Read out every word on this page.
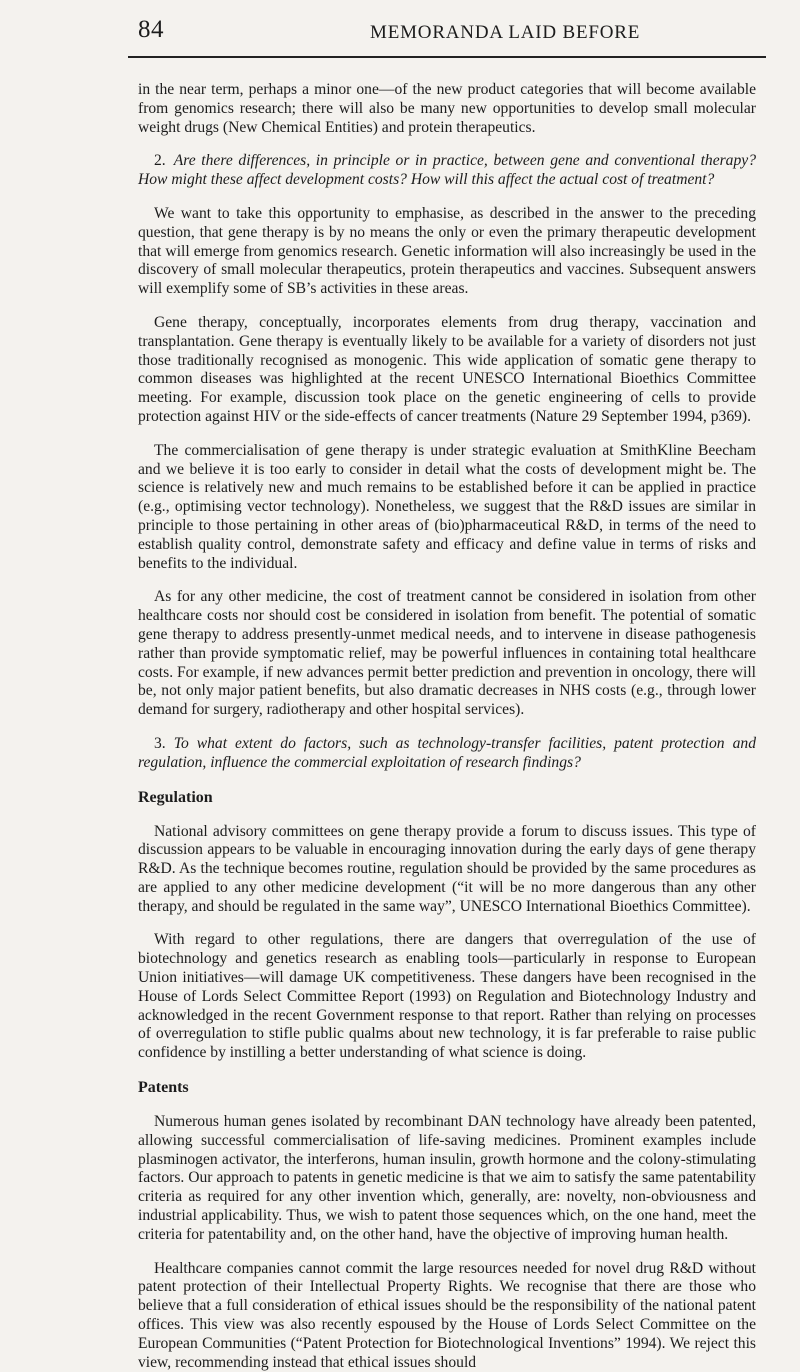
84	MEMORANDA LAID BEFORE

in the near term, perhaps a minor one—of the new product categories that will become available from genomics research; there will also be many new opportunities to develop small molecular weight drugs (New Chemical Entities) and protein therapeutics.

2. Are there differences, in principle or in practice, between gene and conventional therapy? How might these affect development costs? How will this affect the actual cost of treatment?

We want to take this opportunity to emphasise, as described in the answer to the preceding question, that gene therapy is by no means the only or even the primary therapeutic development that will emerge from genomics research. Genetic information will also increasingly be used in the discovery of small molecular therapeutics, protein therapeutics and vaccines. Subsequent answers will exemplify some of SB’s activities in these areas.

Gene therapy, conceptually, incorporates elements from drug therapy, vaccination and transplantation. Gene therapy is eventually likely to be available for a variety of disorders not just those traditionally recognised as monogenic. This wide application of somatic gene therapy to common diseases was highlighted at the recent UNESCO International Bioethics Committee meeting. For example, discussion took place on the genetic engineering of cells to provide protection against HIV or the side-effects of cancer treatments (Nature 29 September 1994, p369).

The commercialisation of gene therapy is under strategic evaluation at SmithKline Beecham and we believe it is too early to consider in detail what the costs of development might be. The science is relatively new and much remains to be established before it can be applied in practice (e.g., optimising vector technology). Nonetheless, we suggest that the R&D issues are similar in principle to those pertaining in other areas of (bio)pharmaceutical R&D, in terms of the need to establish quality control, demonstrate safety and efficacy and define value in terms of risks and benefits to the individual.

As for any other medicine, the cost of treatment cannot be considered in isolation from other healthcare costs nor should cost be considered in isolation from benefit. The potential of somatic gene therapy to address presently-unmet medical needs, and to intervene in disease pathogenesis rather than provide symptomatic relief, may be powerful influences in containing total healthcare costs. For example, if new advances permit better prediction and prevention in oncology, there will be, not only major patient benefits, but also dramatic decreases in NHS costs (e.g., through lower demand for surgery, radiotherapy and other hospital services).

3. To what extent do factors, such as technology-transfer facilities, patent protection and regulation, influence the commercial exploitation of research findings?

Regulation

National advisory committees on gene therapy provide a forum to discuss issues. This type of discussion appears to be valuable in encouraging innovation during the early days of gene therapy R&D. As the technique becomes routine, regulation should be provided by the same procedures as are applied to any other medicine development (“it will be no more dangerous than any other therapy, and should be regulated in the same way”, UNESCO International Bioethics Committee).

With regard to other regulations, there are dangers that overregulation of the use of biotechnology and genetics research as enabling tools—particularly in response to European Union initiatives—will damage UK competitiveness. These dangers have been recognised in the House of Lords Select Committee Report (1993) on Regulation and Biotechnology Industry and acknowledged in the recent Government response to that report. Rather than relying on processes of overregulation to stifle public qualms about new technology, it is far preferable to raise public confidence by instilling a better understanding of what science is doing.

Patents

Numerous human genes isolated by recombinant DAN technology have already been patented, allowing successful commercialisation of life-saving medicines. Prominent examples include plasminogen activator, the interferons, human insulin, growth hormone and the colony-stimulating factors. Our approach to patents in genetic medicine is that we aim to satisfy the same patentability criteria as required for any other invention which, generally, are: novelty, non-obviousness and industrial applicability. Thus, we wish to patent those sequences which, on the one hand, meet the criteria for patentability and, on the other hand, have the objective of improving human health.

Healthcare companies cannot commit the large resources needed for novel drug R&D without patent protection of their Intellectual Property Rights. We recognise that there are those who believe that a full consideration of ethical issues should be the responsibility of the national patent offices. This view was also recently espoused by the House of Lords Select Committee on the European Communities (“Patent Protection for Biotechnological Inventions” 1994). We reject this view, recommending instead that ethical issues should
